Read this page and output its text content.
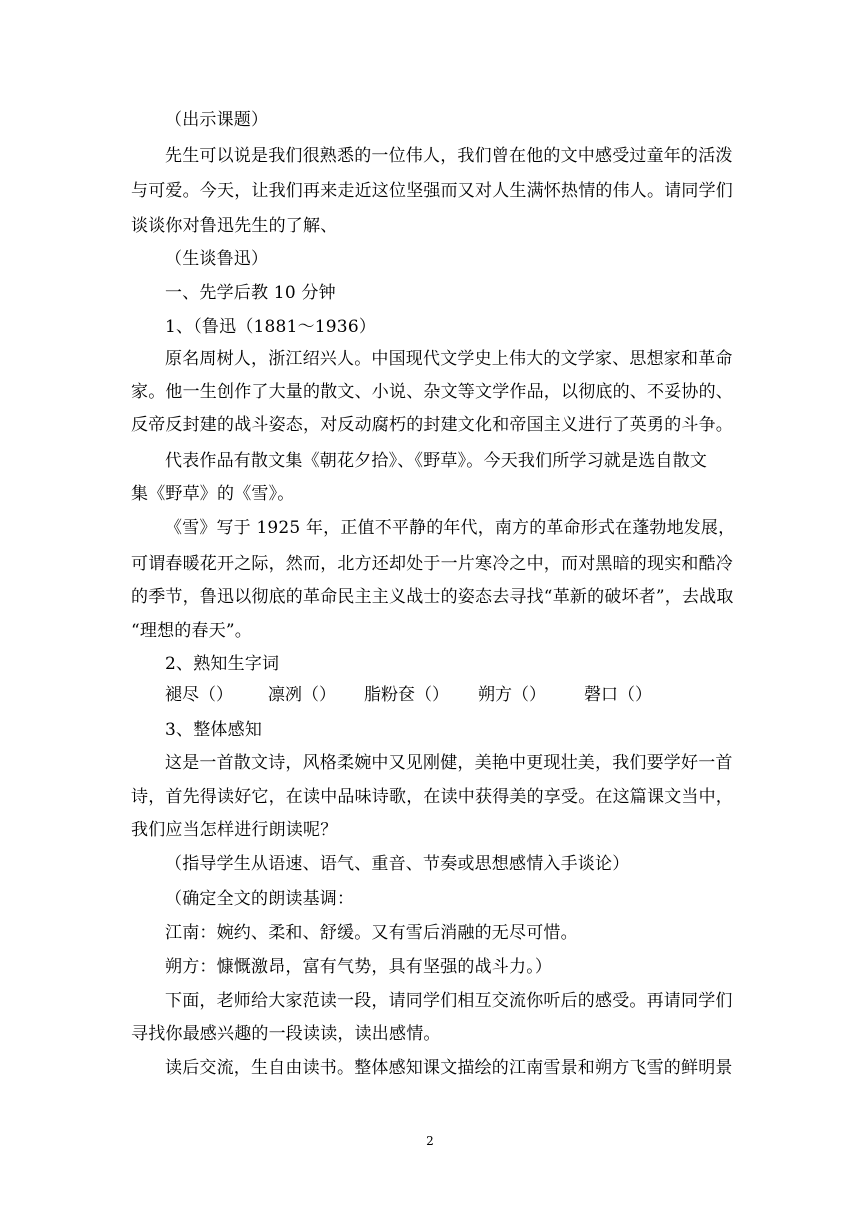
（出示课题）
先生可以说是我们很熟悉的一位伟人，我们曾在他的文中感受过童年的活泼
与可爱。今天，让我们再来走近这位坚强而又对人生满怀热情的伟人。请同学们
谈谈你对鲁迅先生的了解、
（生谈鲁迅）
一、先学后教 10 分钟
1、（鲁迅（1881～1936）
原名周树人，浙江绍兴人。中国现代文学史上伟大的文学家、思想家和革命
家。他一生创作了大量的散文、小说、杂文等文学作品，以彻底的、不妥协的、
反帝反封建的战斗姿态，对反动腐朽的封建文化和帝国主义进行了英勇的斗争。
代表作品有散文集《朝花夕拾》、《野草》。今天我们所学习就是选自散文
集《野草》的《雪》。
《雪》写于 1925 年，正值不平静的年代，南方的革命形式在蓬勃地发展，
可谓春暖花开之际，然而，北方还却处于一片寒冷之中，而对黑暗的现实和酷冷
的季节，鲁迅以彻底的革命民主主义战士的姿态去寻找“革新的破坏者”，去战取
“理想的春天”。
2、熟知生字词
褪尽（） 凛冽（） 脂粉奁（） 朔方（） 磬口（）
3、整体感知
这是一首散文诗，风格柔婉中又见刚健，美艳中更现壮美，我们要学好一首
诗，首先得读好它，在读中品味诗歌，在读中获得美的享受。在这篇课文当中，
我们应当怎样进行朗读呢？
（指导学生从语速、语气、重音、节奏或思想感情入手谈论）
（确定全文的朗读基调：
江南：婉约、柔和、舒缓。又有雪后消融的无尽可惜。
朔方：慷慨激昂，富有气势，具有坚强的战斗力。）
下面，老师给大家范读一段，请同学们相互交流你听后的感受。再请同学们
寻找你最感兴趣的一段读读，读出感情。
读后交流，生自由读书。整体感知课文描绘的江南雪景和朔方飞雪的鲜明景
2
